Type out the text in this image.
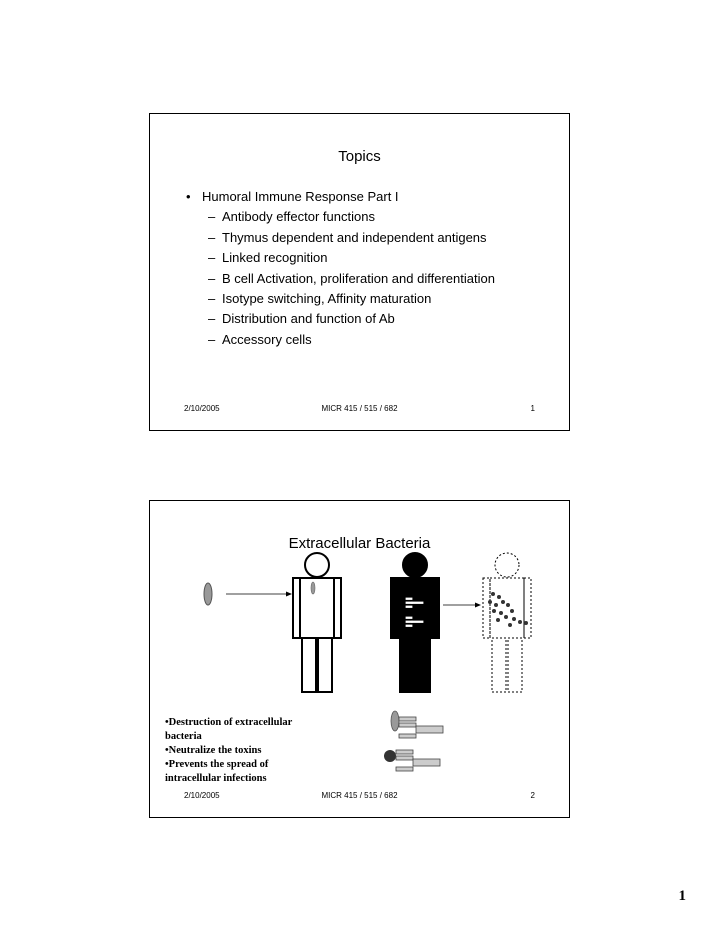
Topics
• Humoral Immune Response Part I
– Antibody effector functions
– Thymus dependent and independent antigens
– Linked recognition
– B cell Activation, proliferation and differentiation
– Isotype switching, Affinity maturation
– Distribution and function of Ab
– Accessory cells
2/10/2005	MICR 415 / 515 / 682	1
Extracellular Bacteria
•Destruction of extracellular bacteria
•Neutralize the toxins
•Prevents the spread of intracellular infections
2/10/2005	MICR 415 / 515 / 682	2
1
